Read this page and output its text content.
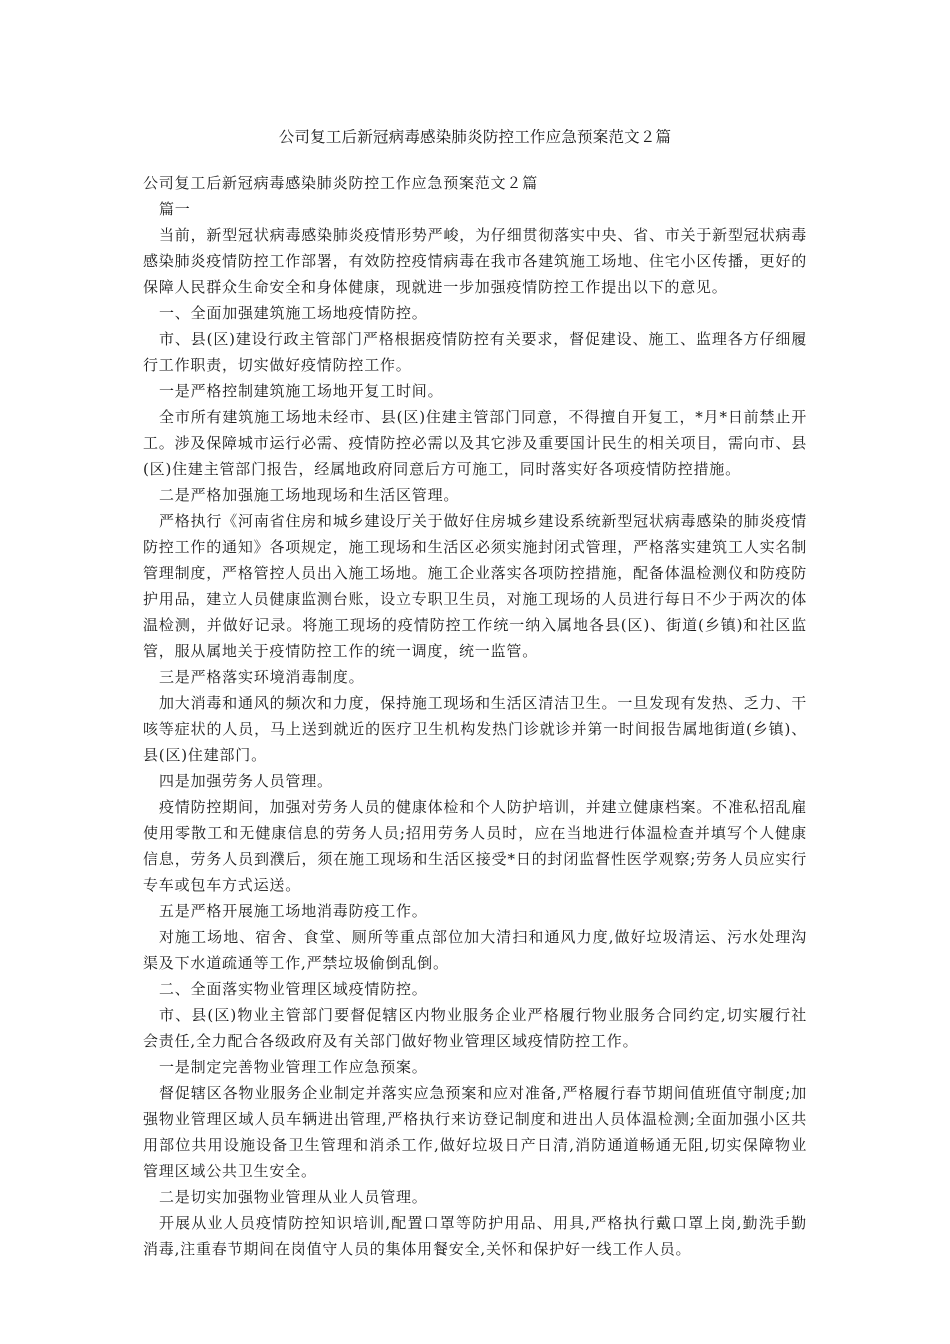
公司复工后新冠病毒感染肺炎防控工作应急预案范文２篇

公司复工后新冠病毒感染肺炎防控工作应急预案范文２篇

篇一

当前，新型冠状病毒感染肺炎疫情形势严峻，为仔细贯彻落实中央、省、市关于新型冠状病毒感染肺炎疫情防控工作部署，有效防控疫情病毒在我市各建筑施工场地、住宅小区传播，更好的保障人民群众生命安全和身体健康，现就进一步加强疫情防控工作提出以下的意见。

一、全面加强建筑施工场地疫情防控。

市、县(区)建设行政主管部门严格根据疫情防控有关要求，督促建设、施工、监理各方仔细履行工作职责，切实做好疫情防控工作。

一是严格控制建筑施工场地开复工时间。

全市所有建筑施工场地未经市、县(区)住建主管部门同意，不得擅自开复工，*月*日前禁止开工。涉及保障城市运行必需、疫情防控必需以及其它涉及重要国计民生的相关项目，需向市、县(区)住建主管部门报告，经属地政府同意后方可施工，同时落实好各项疫情防控措施。

二是严格加强施工场地现场和生活区管理。

严格执行《河南省住房和城乡建设厅关于做好住房城乡建设系统新型冠状病毒感染的肺炎疫情防控工作的通知》各项规定，施工现场和生活区必须实施封闭式管理，严格落实建筑工人实名制管理制度，严格管控人员出入施工场地。施工企业落实各项防控措施，配备体温检测仪和防疫防护用品，建立人员健康监测台账，设立专职卫生员，对施工现场的人员进行每日不少于两次的体温检测，并做好记录。将施工现场的疫情防控工作统一纳入属地各县(区)、街道(乡镇)和社区监管，服从属地关于疫情防控工作的统一调度，统一监管。

三是严格落实环境消毒制度。

加大消毒和通风的频次和力度，保持施工现场和生活区清洁卫生。一旦发现有发热、乏力、干咳等症状的人员，马上送到就近的医疗卫生机构发热门诊就诊并第一时间报告属地街道(乡镇)、县(区)住建部门。

四是加强劳务人员管理。

疫情防控期间，加强对劳务人员的健康体检和个人防护培训，并建立健康档案。不准私招乱雇使用零散工和无健康信息的劳务人员;招用劳务人员时，应在当地进行体温检查并填写个人健康信息，劳务人员到濮后，须在施工现场和生活区接受*日的封闭监督性医学观察;劳务人员应实行专车或包车方式运送。

五是严格开展施工场地消毒防疫工作。

对施工场地、宿舍、食堂、厕所等重点部位加大清扫和通风力度,做好垃圾清运、污水处理沟渠及下水道疏通等工作,严禁垃圾偷倒乱倒。

二、全面落实物业管理区域疫情防控。

市、县(区)物业主管部门要督促辖区内物业服务企业严格履行物业服务合同约定,切实履行社会责任,全力配合各级政府及有关部门做好物业管理区域疫情防控工作。

一是制定完善物业管理工作应急预案。

督促辖区各物业服务企业制定并落实应急预案和应对准备,严格履行春节期间值班值守制度;加强物业管理区域人员车辆进出管理,严格执行来访登记制度和进出人员体温检测;全面加强小区共用部位共用设施设备卫生管理和消杀工作,做好垃圾日产日清,消防通道畅通无阻,切实保障物业管理区域公共卫生安全。

二是切实加强物业管理从业人员管理。

开展从业人员疫情防控知识培训,配置口罩等防护用品、用具,严格执行戴口罩上岗,勤洗手勤消毒,注重春节期间在岗值守人员的集体用餐安全,关怀和保护好一线工作人员。
